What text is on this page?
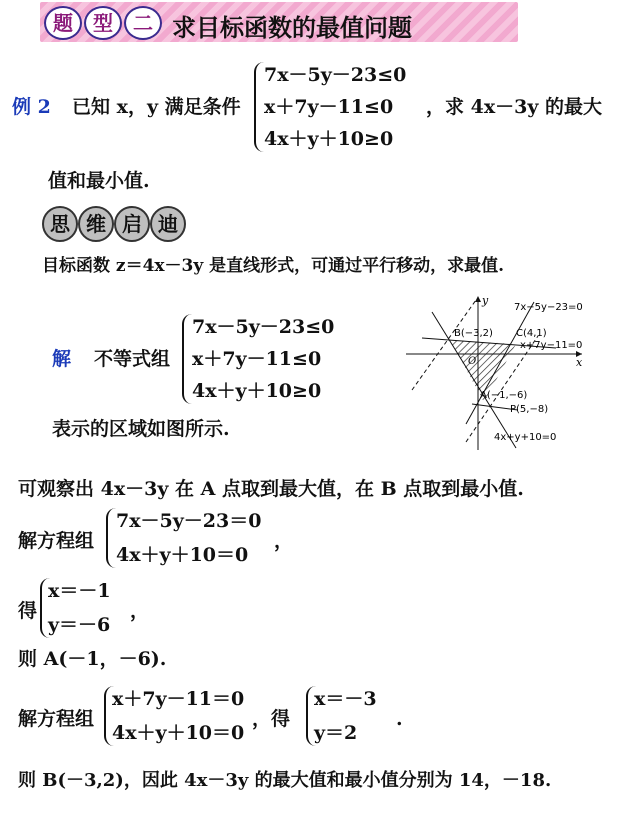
题	型	二 求目标函数的最值问题
例 2 已知 x，y 满足条件
7x－5y－23≤0
x＋7y－11≤0
4x＋y＋10≥0
，求 4x－3y 的最大
值和最小值.
思 维 启 迪
目标函数 z＝4x－3y 是直线形式，可通过平行移动，求最值.
解 不等式组
7x－5y－23≤0
x＋7y－11≤0
4x＋y＋10≥0
表示的区域如图所示.
x
y
O
7x−5y−23=0
x+7y−11=0
4x+y+10=0
B(−3,2) C(4,1)
A(−1,−6)
P(5,−8)
可观察出 4x－3y 在 A 点取到最大值，在 B 点取到最小值.
解方程组
7x－5y－23＝0
4x＋y＋10＝0
，
得
x＝－1
y＝－6
，
则 A(－1，－6).
解方程组
x＋7y－11＝0
4x＋y＋10＝0
，得
x＝－3
y＝2
.
则 B(－3,2)，因此 4x－3y 的最大值和最小值分别为 14，－18.
